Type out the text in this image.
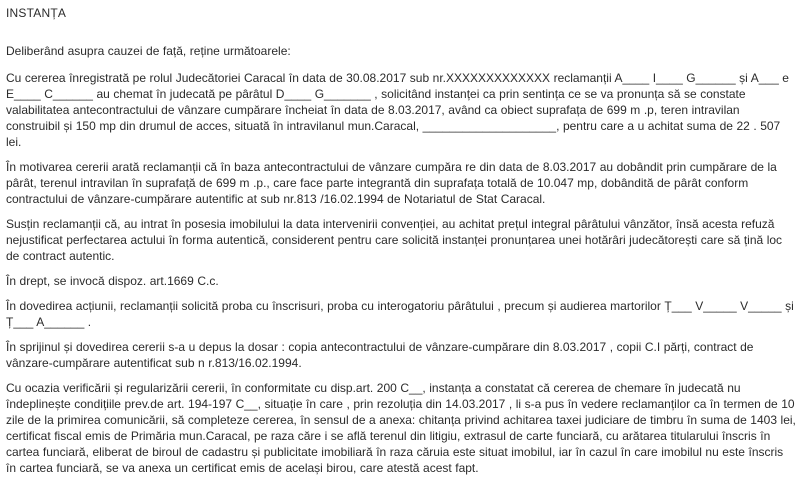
INSTANȚA

Deliberând asupra cauzei de față, reține următoarele:

Cu cererea înregistrată pe rolul Judecătoriei Caracal în data de 30.08.2017 sub nr.XXXXXXXXXXXXX reclamanții A____ I____ G______ și A___ e E____ C______ au chemat în judecată pe pârâtul D____ G_______ , solicitând instanței ca prin sentința ce se va pronunța să se constate valabilitatea antecontractului de vânzare cumpărare încheiat în data de 8.03.2017, având ca obiect suprafața de 699 m .p, teren intravilan construibil și 150 mp din drumul de acces, situată în intravilanul mun.Caracal, ____________________, pentru care a u achitat suma de 22 . 507 lei.

În motivarea cererii arată reclamanții că în baza antecontractului de vânzare cumpăra re din data de 8.03.2017 au dobândit prin cumpărare de la pârât, terenul intravilan în suprafață de 699 m .p., care face parte integrantă din suprafața totală de 10.047 mp, dobândită de pârât conform contractului de vânzare-cumpărare autentific at sub nr.813 /16.02.1994 de Notariatul de Stat Caracal.

Susțin reclamanții că, au intrat în posesia imobilului la data intervenirii convenției, au achitat prețul integral pârâtului vânzător, însă acesta refuză nejustificat perfectarea actului în forma autentică, considerent pentru care solicită instanței pronunțarea unei hotărâri judecătorești care să țină loc de contract autentic.

În drept, se invocă dispoz. art.1669 C.c.

În dovedirea acțiunii, reclamanții solicită proba cu înscrisuri, proba cu interogatoriu pârâtului , precum și audierea martorilor Ț___ V_____ V_____ și Ț___ A______ .

În sprijinul și dovedirea cererii s-a u depus la dosar : copia antecontractului de vânzare-cumpărare din 8.03.2017 , copii C.I părți, contract de vânzare-cumpărare autentificat sub n r.813/16.02.1994.

Cu ocazia verificării și regularizării cererii, în conformitate cu disp.art. 200 C__, instanța a constatat că cererea de chemare în judecată nu îndeplinește condițiile prev.de art. 194-197 C__, situație în care , prin rezoluția din 14.03.2017 , li s-a pus în vedere reclamanților ca în termen de 10 zile de la primirea comunicării, să completeze cererea, în sensul de a anexa: chitanța privind achitarea taxei judiciare de timbru în suma de 1403 lei, certificat fiscal emis de Primăria mun.Caracal, pe raza căre i se află terenul din litigiu, extrasul de carte funciară, cu arătarea titularului înscris în cartea funciară, eliberat de biroul de cadastru și publicitate imobiliară în raza căruia este situat imobilul, iar în cazul în care imobilul nu este înscris în cartea funciară, se va anexa un certificat emis de același birou, care atestă acest fapt.
